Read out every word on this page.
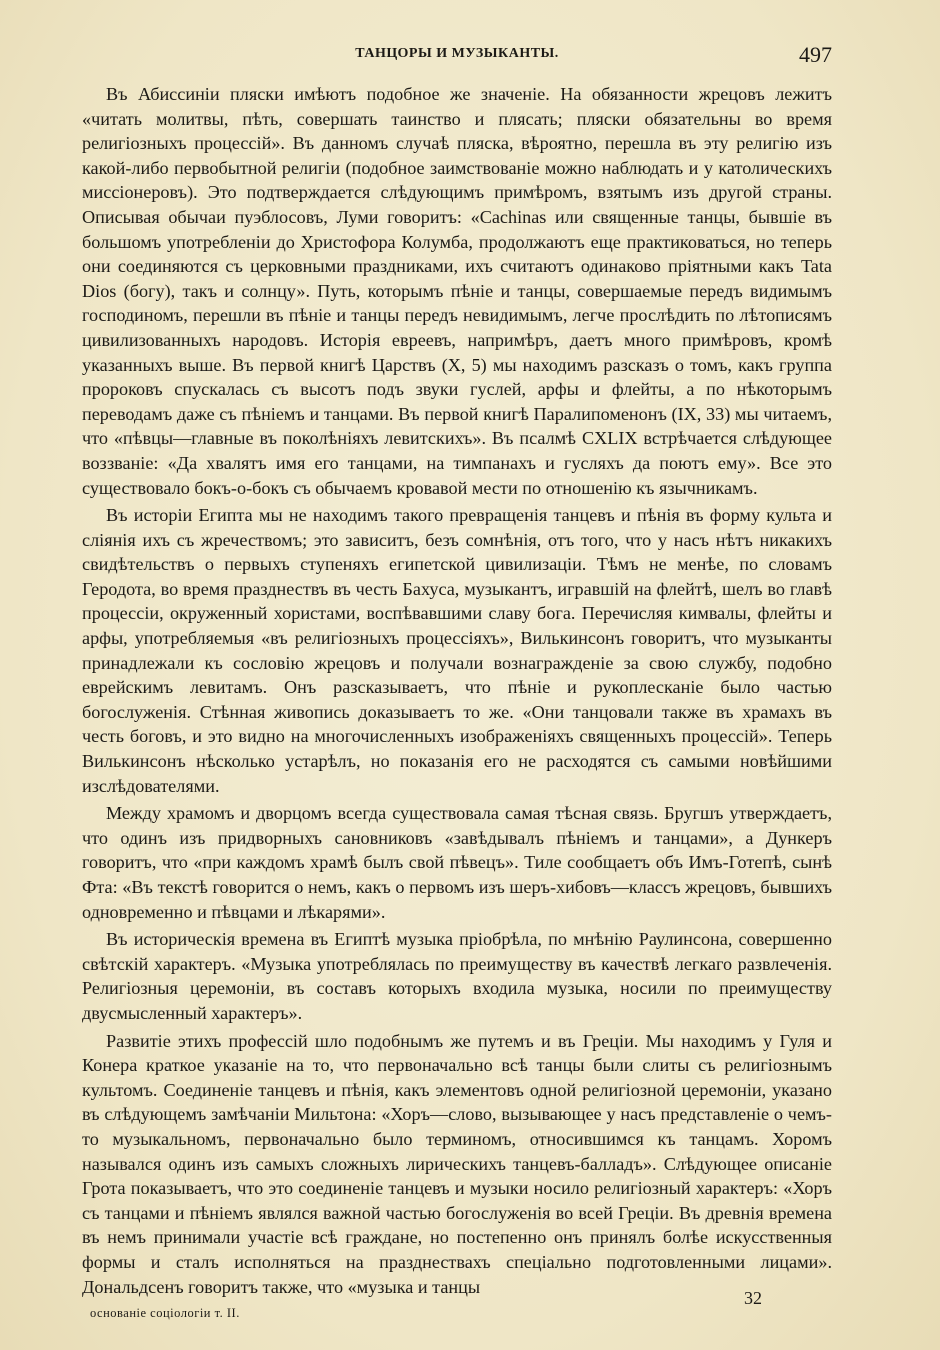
ТАНЦОРЫ И МУЗЫКАНТЫ.	497

Въ Абиссиніи пляски имѣютъ подобное же значеніе. На обязанности жрецовъ лежитъ «читать молитвы, пѣть, совершать таинство и плясать; пляски обязательны во время религіозныхъ процессій». Въ данномъ случаѣ пляска, вѣроятно, перешла въ эту религію изъ какой-либо первобытной религіи (подобное заимствованіе можно наблюдать и у католическихъ миссіонеровъ). Это подтверждается слѣдующимъ примѣромъ, взятымъ изъ другой страны. Описывая обычаи пуэблосовъ, Луми говоритъ: «Cachinas или священные танцы, бывшіе въ большомъ употребленіи до Христофора Колумба, продолжаютъ еще практиковаться, но теперь они соединяются съ церковными праздниками, ихъ считаютъ одинаково пріятными какъ Tata Dios (богу), такъ и солнцу». Путь, которымъ пѣніе и танцы, совершаемые передъ видимымъ господиномъ, перешли въ пѣніе и танцы передъ невидимымъ, легче прослѣдить по лѣтописямъ цивилизованныхъ народовъ. Исторія евреевъ, напримѣръ, даетъ много примѣровъ, кромѣ указанныхъ выше. Въ первой книгѣ Царствъ (X, 5) мы находимъ разсказъ о томъ, какъ группа пророковъ спускалась съ высотъ подъ звуки гуслей, арфы и флейты, а по нѣкоторымъ переводамъ даже съ пѣніемъ и танцами. Въ первой книгѣ Паралипоменонъ (IX, 33) мы читаемъ, что «пѣвцы—главные въ поколѣніяхъ левитскихъ». Въ псалмѣ CXLIX встрѣчается слѣдующее воззваніе: «Да хвалятъ имя его танцами, на тимпанахъ и гусляхъ да поютъ ему». Все это существовало бокъ-о-бокъ съ обычаемъ кровавой мести по отношенію къ язычникамъ.

Въ исторіи Египта мы не находимъ такого превращенія танцевъ и пѣнія въ форму культа и сліянія ихъ съ жречествомъ; это зависитъ, безъ сомнѣнія, отъ того, что у насъ нѣтъ никакихъ свидѣтельствъ о первыхъ ступеняхъ египетской цивилизаціи. Тѣмъ не менѣе, по словамъ Геродота, во время празднествъ въ честь Бахуса, музыкантъ, игравшій на флейтѣ, шелъ во главѣ процессіи, окруженный хористами, воспѣвавшими славу бога. Перечисляя кимвалы, флейты и арфы, употребляемыя «въ религіозныхъ процессіяхъ», Вилькинсонъ говоритъ, что музыканты принадлежали къ сословію жрецовъ и получали вознагражденіе за свою службу, подобно еврейскимъ левитамъ. Онъ разсказываетъ, что пѣніе и рукоплесканіе было частью богослуженія. Стѣнная живопись доказываетъ то же. «Они танцовали также въ храмахъ въ честь боговъ, и это видно на многочисленныхъ изображеніяхъ священныхъ процессій». Теперь Вилькинсонъ нѣсколько устарѣлъ, но показанія его не расходятся съ самыми новѣйшими изслѣдователями.

Между храмомъ и дворцомъ всегда существовала самая тѣсная связь. Бругшъ утверждаетъ, что одинъ изъ придворныхъ сановниковъ «завѣдывалъ пѣніемъ и танцами», а Дункеръ говоритъ, что «при каждомъ храмѣ былъ свой пѣвецъ». Тиле сообщаетъ объ Имъ-Готепѣ, сынѣ Фта: «Въ текстѣ говорится о немъ, какъ о первомъ изъ шеръ-хибовъ—классъ жрецовъ, бывшихъ одновременно и пѣвцами и лѣкарями».

Въ историческія времена въ Египтѣ музыка пріобрѣла, по мнѣнію Раулинсона, совершенно свѣтскій характеръ. «Музыка употреблялась по преимуществу въ качествѣ легкаго развлеченія. Религіозныя церемоніи, въ составъ которыхъ входила музыка, носили по преимуществу двусмысленный характеръ».

Развитіе этихъ профессій шло подобнымъ же путемъ и въ Греціи. Мы находимъ у Гуля и Конера краткое указаніе на то, что первоначально всѣ танцы были слиты съ религіознымъ культомъ. Соединеніе танцевъ и пѣнія, какъ элементовъ одной религіозной церемоніи, указано въ слѣдующемъ замѣчаніи Мильтона: «Хоръ—слово, вызывающее у насъ представленіе о чемъ-то музыкальномъ, первоначально было терминомъ, относившимся къ танцамъ. Хоромъ назывался одинъ изъ самыхъ сложныхъ лирическихъ танцевъ-балладъ». Слѣдующее описаніе Грота показываетъ, что это соединеніе танцевъ и музыки носило религіозный характеръ: «Хоръ съ танцами и пѣніемъ являлся важной частью богослуженія во всей Греціи. Въ древнія времена въ немъ принимали участіе всѣ граждане, но постепенно онъ принялъ болѣе искусственныя формы и сталъ исполняться на празднествахъ спеціально подготовленными лицами». Дональдсенъ говоритъ также, что «музыка и танцы

основаніе соціологіи т. II.
32
